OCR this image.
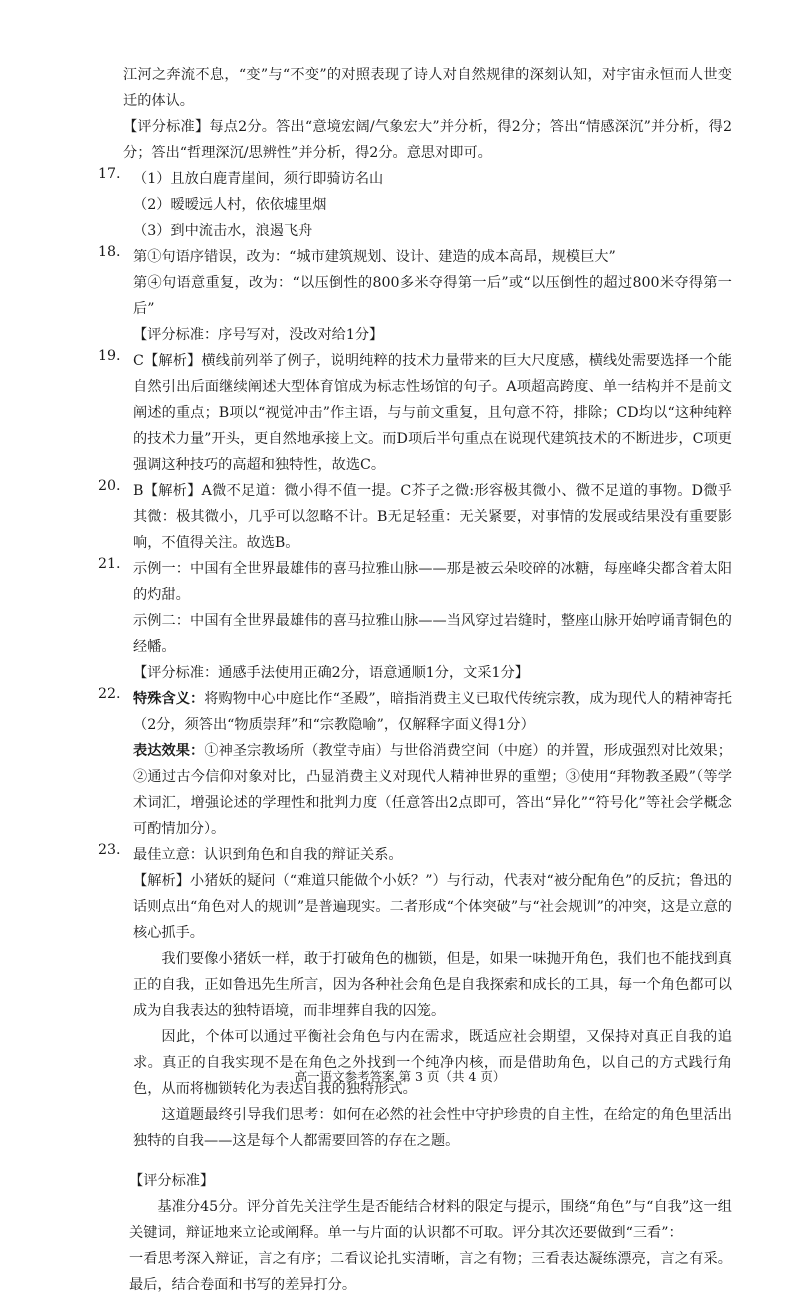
江河之奔流不息，“变”与“不变”的对照表现了诗人对自然规律的深刻认知，对宇宙永恒而人世变迁的体认。

【评分标准】每点2分。答出“意境宏阔/气象宏大”并分析，得2分；答出“情感深沉”并分析，得2分；答出“哲理深沉/思辨性”并分析，得2分。意思对即可。

17. （1）且放白鹿青崖间，须行即骑访名山

（2）暧暧远人村，依依墟里烟

（3）到中流击水，浪遏飞舟

18. 第①句语序错误，改为：“城市建筑规划、设计、建造的成本高昂，规模巨大”

第④句语意重复，改为：“以压倒性的800多米夺得第一后”或“以压倒性的超过800米夺得第一后”

【评分标准：序号写对，没改对给1分】

19. C【解析】横线前列举了例子，说明纯粹的技术力量带来的巨大尺度感，横线处需要选择一个能自然引出后面继续阐述大型体育馆成为标志性场馆的句子。A项超高跨度、单一结构并不是前文阐述的重点；B项以“视觉冲击”作主语，与与前文重复，且句意不符，排除；CD均以“这种纯粹的技术力量”开头，更自然地承接上文。而D项后半句重点在说现代建筑技术的不断进步，C项更强调这种技巧的高超和独特性，故选C。

20. B【解析】A微不足道：微小得不值一提。C芥子之微:形容极其微小、微不足道的事物。D微乎其微：极其微小，几乎可以忽略不计。B无足轻重：无关紧要，对事情的发展或结果没有重要影响，不值得关注。故选B。

21. 示例一：中国有全世界最雄伟的喜马拉雅山脉——那是被云朵咬碎的冰糖，每座峰尖都含着太阳的灼甜。

示例二：中国有全世界最雄伟的喜马拉雅山脉——当风穿过岩缝时，整座山脉开始哼诵青铜色的经幡。

【评分标准：通感手法使用正确2分，语意通顺1分，文采1分】

22. 特殊含义：将购物中心中庭比作“圣殿”，暗指消费主义已取代传统宗教，成为现代人的精神寄托（2分，须答出“物质崇拜”和“宗教隐喻”，仅解释字面义得1分）

表达效果：①神圣宗教场所（教堂寺庙）与世俗消费空间（中庭）的并置，形成强烈对比效果；②通过古今信仰对象对比，凸显消费主义对现代人精神世界的重塑；③使用“拜物教圣殿”（等学术词汇，增强论述的学理性和批判力度（任意答出2点即可，答出“异化”“符号化”等社会学概念可酌情加分）。

23. 最佳立意：认识到角色和自我的辩证关系。

【解析】小猪妖的疑问（“难道只能做个小妖？”）与行动，代表对“被分配角色”的反抗；鲁迅的话则点出“角色对人的规训”是普遍现实。二者形成“个体突破”与“社会规训”的冲突，这是立意的核心抓手。

我们要像小猪妖一样，敢于打破角色的枷锁，但是，如果一味抛开角色，我们也不能找到真正的自我，正如鲁迅先生所言，因为各种社会角色是自我探索和成长的工具，每一个角色都可以成为自我表达的独特语境，而非埋葬自我的囚笼。

因此，个体可以通过平衡社会角色与内在需求，既适应社会期望，又保持对真正自我的追求。真正的自我实现不是在角色之外找到一个纯净内核，而是借助角色，以自己的方式践行角色，从而将枷锁转化为表达自我的独特形式。

这道题最终引导我们思考：如何在必然的社会性中守护珍贵的自主性，在给定的角色里活出独特的自我——这是每个人都需要回答的存在之题。

【评分标准】

基准分45分。评分首先关注学生是否能结合材料的限定与提示，围绕“角色”与“自我”这一组关键词，辩证地来立论或阐释。单一与片面的认识都不可取。评分其次还要做到“三看”：

一看思考深入辩证，言之有序；二看议论扎实清晰，言之有物；三看表达凝练漂亮，言之有采。最后，结合卷面和书写的差异打分。

高一语文参考答案 第 3 页（共 4 页）
